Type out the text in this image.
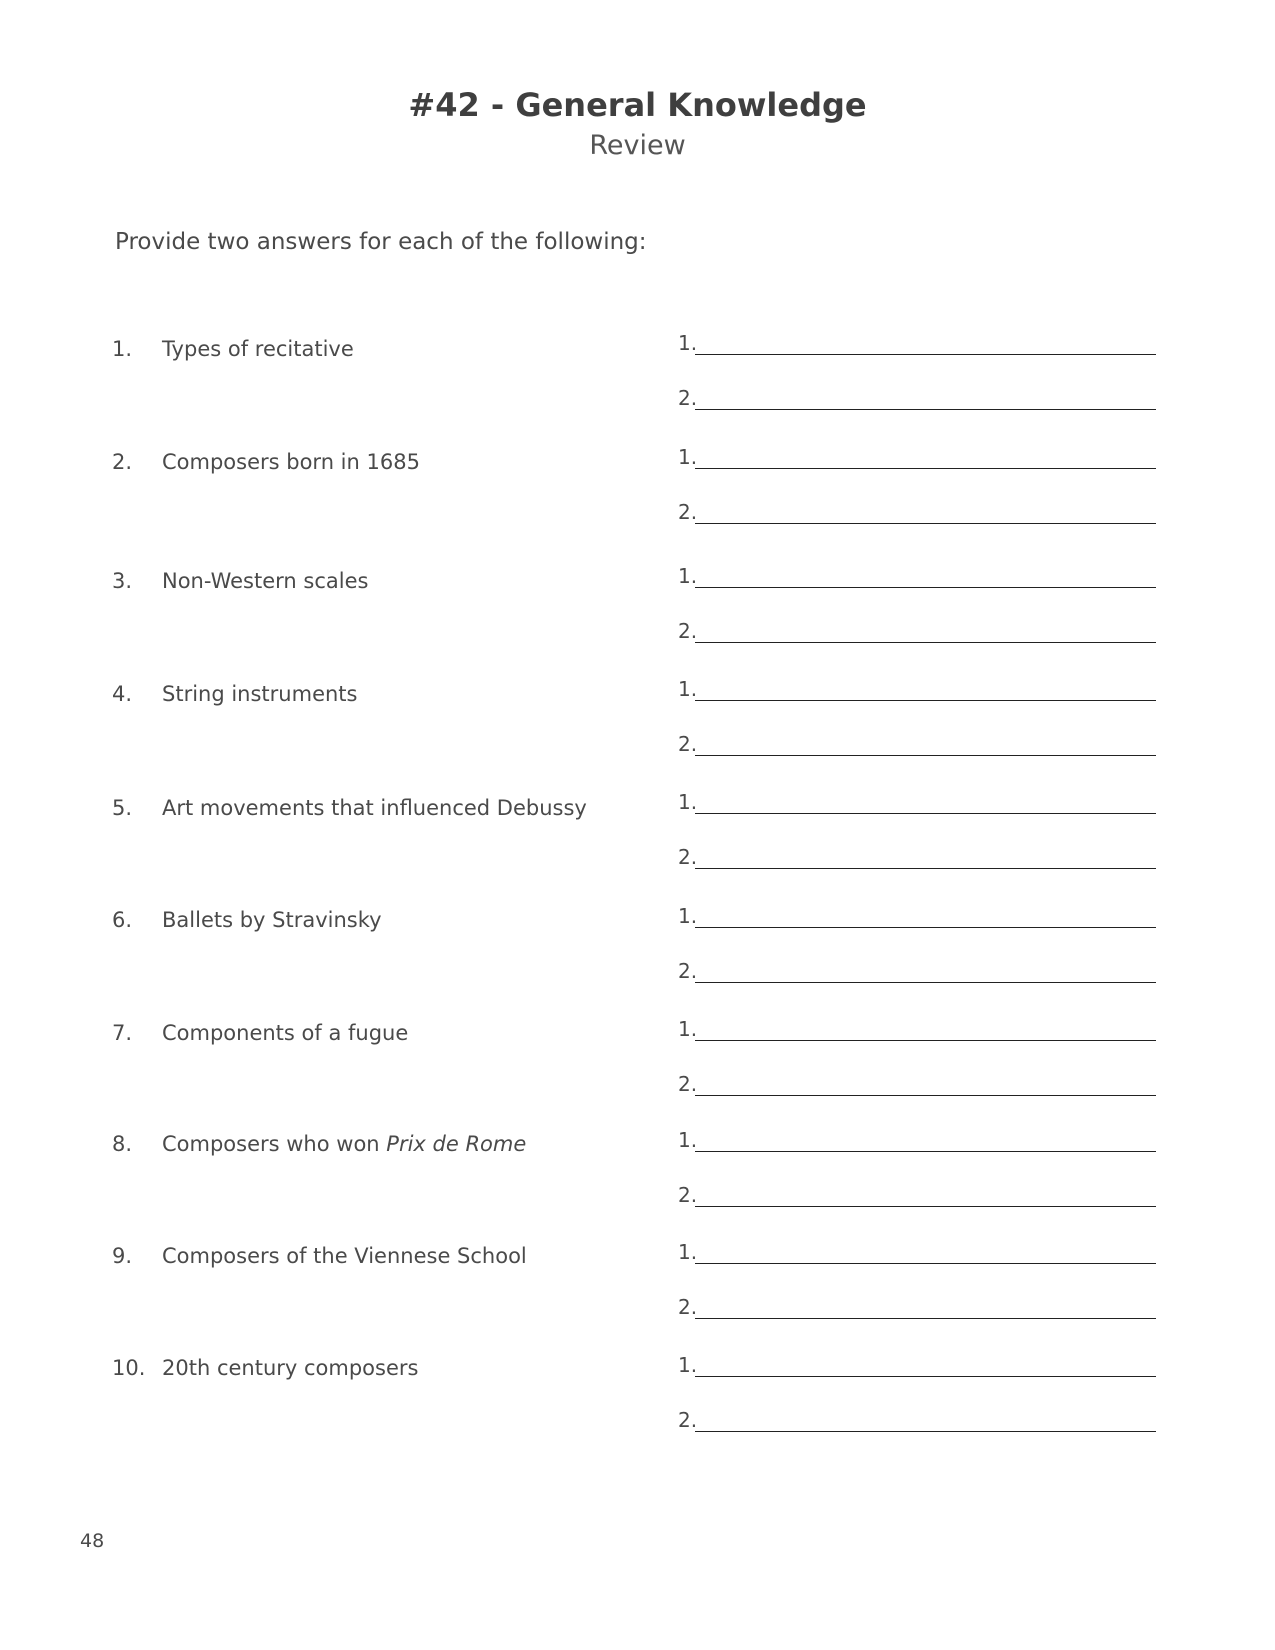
#42 - General Knowledge
Review
Provide two answers for each of the following:
1. Types of recitative	1.
2.
2. Composers born in 1685	1.
2.
3. Non-Western scales	1.
2.
4. String instruments	1.
2.
5. Art movements that influenced Debussy	1.
2.
6. Ballets by Stravinsky	1.
2.
7. Components of a fugue	1.
2.
8. Composers who won Prix de Rome	1.
2.
9. Composers of the Viennese School	1.
2.
10. 20th century composers	1.
2.
48
